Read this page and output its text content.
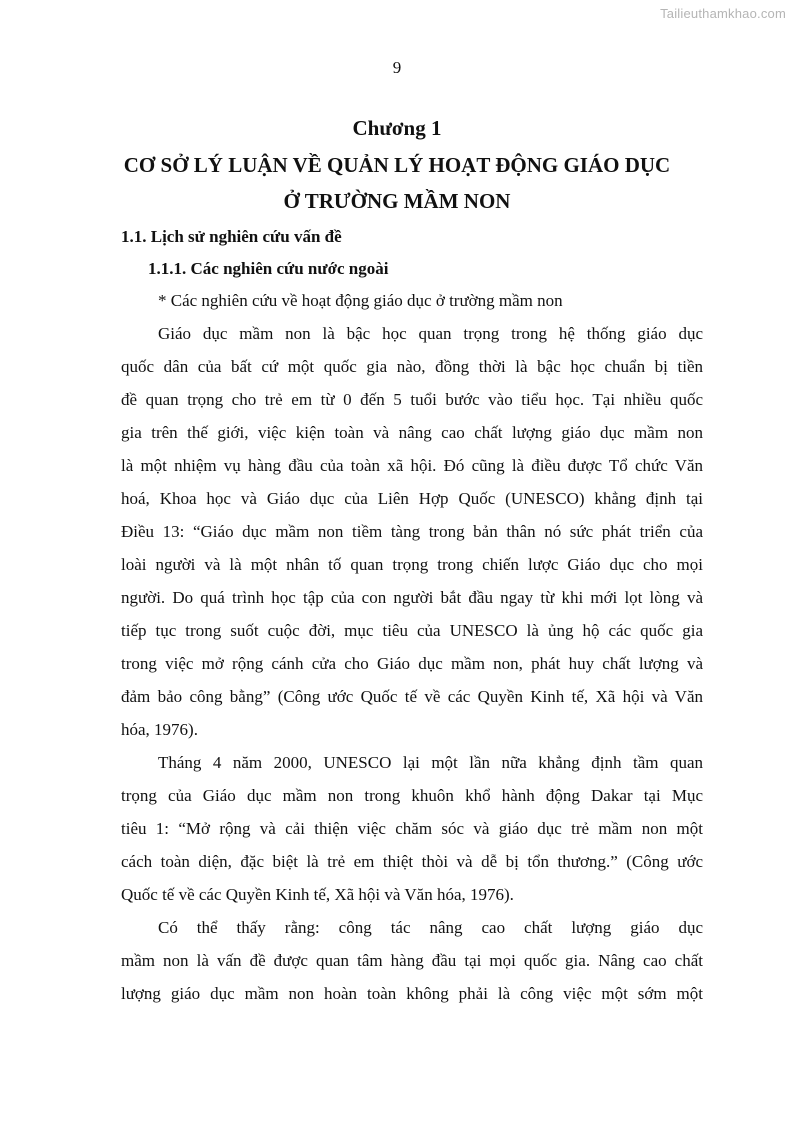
Tailieuthamkhao.com
9
Chương 1
CƠ SỞ LÝ LUẬN VỀ QUẢN LÝ HOẠT ĐỘNG GIÁO DỤC
Ở TRƯỜNG MẦM NON
1.1. Lịch sử nghiên cứu vấn đề
1.1.1. Các nghiên cứu nước ngoài
* Các nghiên cứu về hoạt động giáo dục ở trường mầm non
Giáo dục mầm non là bậc học quan trọng trong hệ thống giáo dục
quốc dân của bất cứ một quốc gia nào, đồng thời là bậc học chuẩn bị tiền
đề quan trọng cho trẻ em từ 0 đến 5 tuổi bước vào tiểu học. Tại nhiều quốc
gia trên thế giới, việc kiện toàn và nâng cao chất lượng giáo dục mầm non
là một nhiệm vụ hàng đầu của toàn xã hội. Đó cũng là điều được Tổ chức Văn
hoá, Khoa học và Giáo dục của Liên Hợp Quốc (UNESCO) khẳng định tại
Điều 13: “Giáo dục mầm non tiềm tàng trong bản thân nó sức phát triển của
loài người và là một nhân tố quan trọng trong chiến lược Giáo dục cho mọi
người. Do quá trình học tập của con người bắt đầu ngay từ khi mới lọt lòng và
tiếp tục trong suốt cuộc đời, mục tiêu của UNESCO là ủng hộ các quốc gia
trong việc mở rộng cánh cửa cho Giáo dục mầm non, phát huy chất lượng và
đảm bảo công bằng” (Công ước Quốc tế về các Quyền Kinh tế, Xã hội và Văn
hóa, 1976).
Tháng 4 năm 2000, UNESCO lại một lần nữa khẳng định tầm quan
trọng của Giáo dục mầm non trong khuôn khổ hành động Dakar tại Mục
tiêu 1: “Mở rộng và cải thiện việc chăm sóc và giáo dục trẻ mầm non một
cách toàn diện, đặc biệt là trẻ em thiệt thòi và dễ bị tổn thương.” (Công ước
Quốc tế về các Quyền Kinh tế, Xã hội và Văn hóa, 1976).
Có thể thấy rằng: công tác nâng cao chất lượng giáo dục
mầm non là vấn đề được quan tâm hàng đầu tại mọi quốc gia. Nâng cao chất
lượng giáo dục mầm non hoàn toàn không phải là công việc một sớm một
